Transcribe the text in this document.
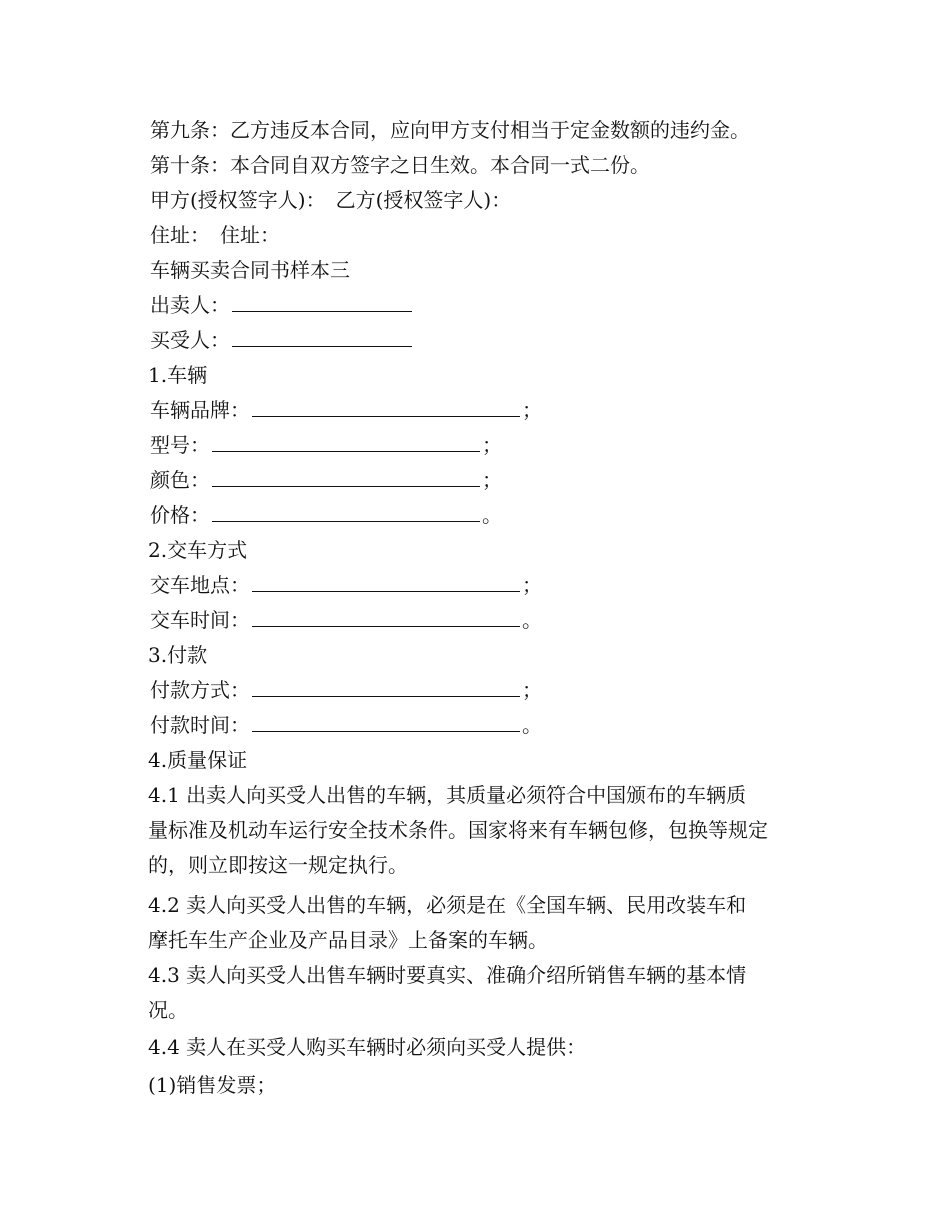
第九条：乙方违反本合同，应向甲方支付相当于定金数额的违约金。
第十条：本合同自双方签字之日生效。本合同一式二份。
甲方(授权签字人)：　乙方(授权签字人)：
住址：　住址：
车辆买卖合同书样本三
出卖人：
买受人：
1.车辆
车辆品牌：	；
型号：	；
颜色：	；
价格：	。
2.交车方式
交车地点：	；
交车时间：	。
3.付款
付款方式：	；
付款时间：	。
4.质量保证
4.1 出卖人向买受人出售的车辆，其质量必须符合中国颁布的车辆质
量标准及机动车运行安全技术条件。国家将来有车辆包修，包换等规定
的，则立即按这一规定执行。
4.2 卖人向买受人出售的车辆，必须是在《全国车辆、民用改装车和
摩托车生产企业及产品目录》上备案的车辆。
4.3 卖人向买受人出售车辆时要真实、准确介绍所销售车辆的基本情
况。
4.4 卖人在买受人购买车辆时必须向买受人提供：
(1)销售发票；
